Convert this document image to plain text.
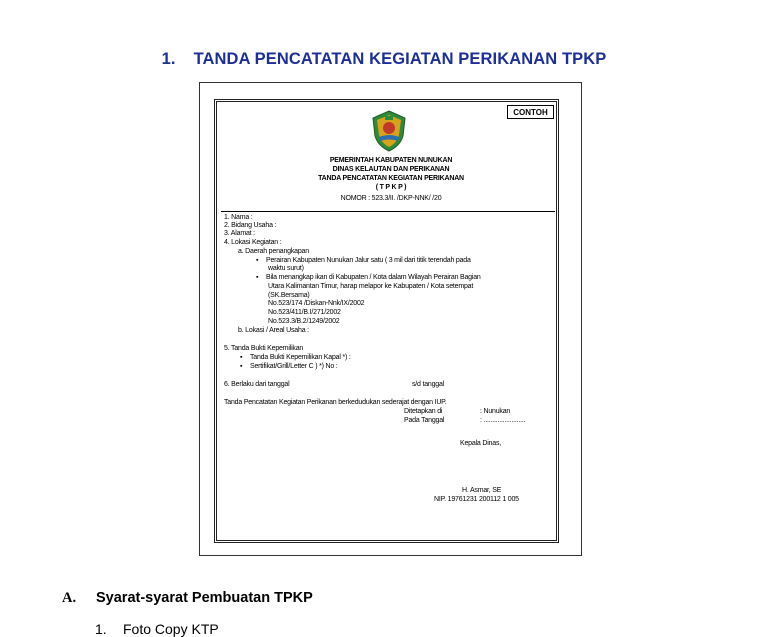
1. TANDA PENCATATAN KEGIATAN PERIKANAN TPKP
CONTOH
PEMERINTAH KABUPATEN NUNUKAN
DINAS KELAUTAN DAN PERIKANAN
TANDA PENCATATAN KEGIATAN PERIKANAN
( T P K P )
NOMOR : 523.3/II. /DKP-NNK/ /20
1. Nama :
2. Bidang Usaha :
3. Alamat :
4. Lokasi Kegiatan :
a. Daerah penangkapan
▪ Perairan Kabupaten Nunukan Jalur satu ( 3 mil dari titik terendah pada
waktu surut)
▪ Bila menangkap ikan di Kabupaten / Kota dalam Wilayah Perairan Bagian
Utara Kalimantan Timur, harap melapor ke Kabupaten / Kota setempat
(SK.Bersama)
No.523/174 /Diskan-Nnk/IX/2002
No.523/411/B.I/271/2002
No.523.3/B.2/1249/2002
b. Lokasi / Areal Usaha :
5. Tanda Bukti Kepemilikan
▪ Tanda Bukti Kepemilikan Kapal *) :
▪ Sertifikat/Grill/Letter C ) *) No :
6. Berlaku dari tanggal	s/d tanggal
Tanda Pencatatan Kegiatan Perikanan berkedudukan sederajat dengan IUP.
Ditetapkan di	: Nunukan
Pada Tanggal	: ........................
Kepala Dinas,
H. Asmar, SE
NIP. 19761231 200112 1 005
A. Syarat-syarat Pembuatan TPKP
1. Foto Copy KTP
